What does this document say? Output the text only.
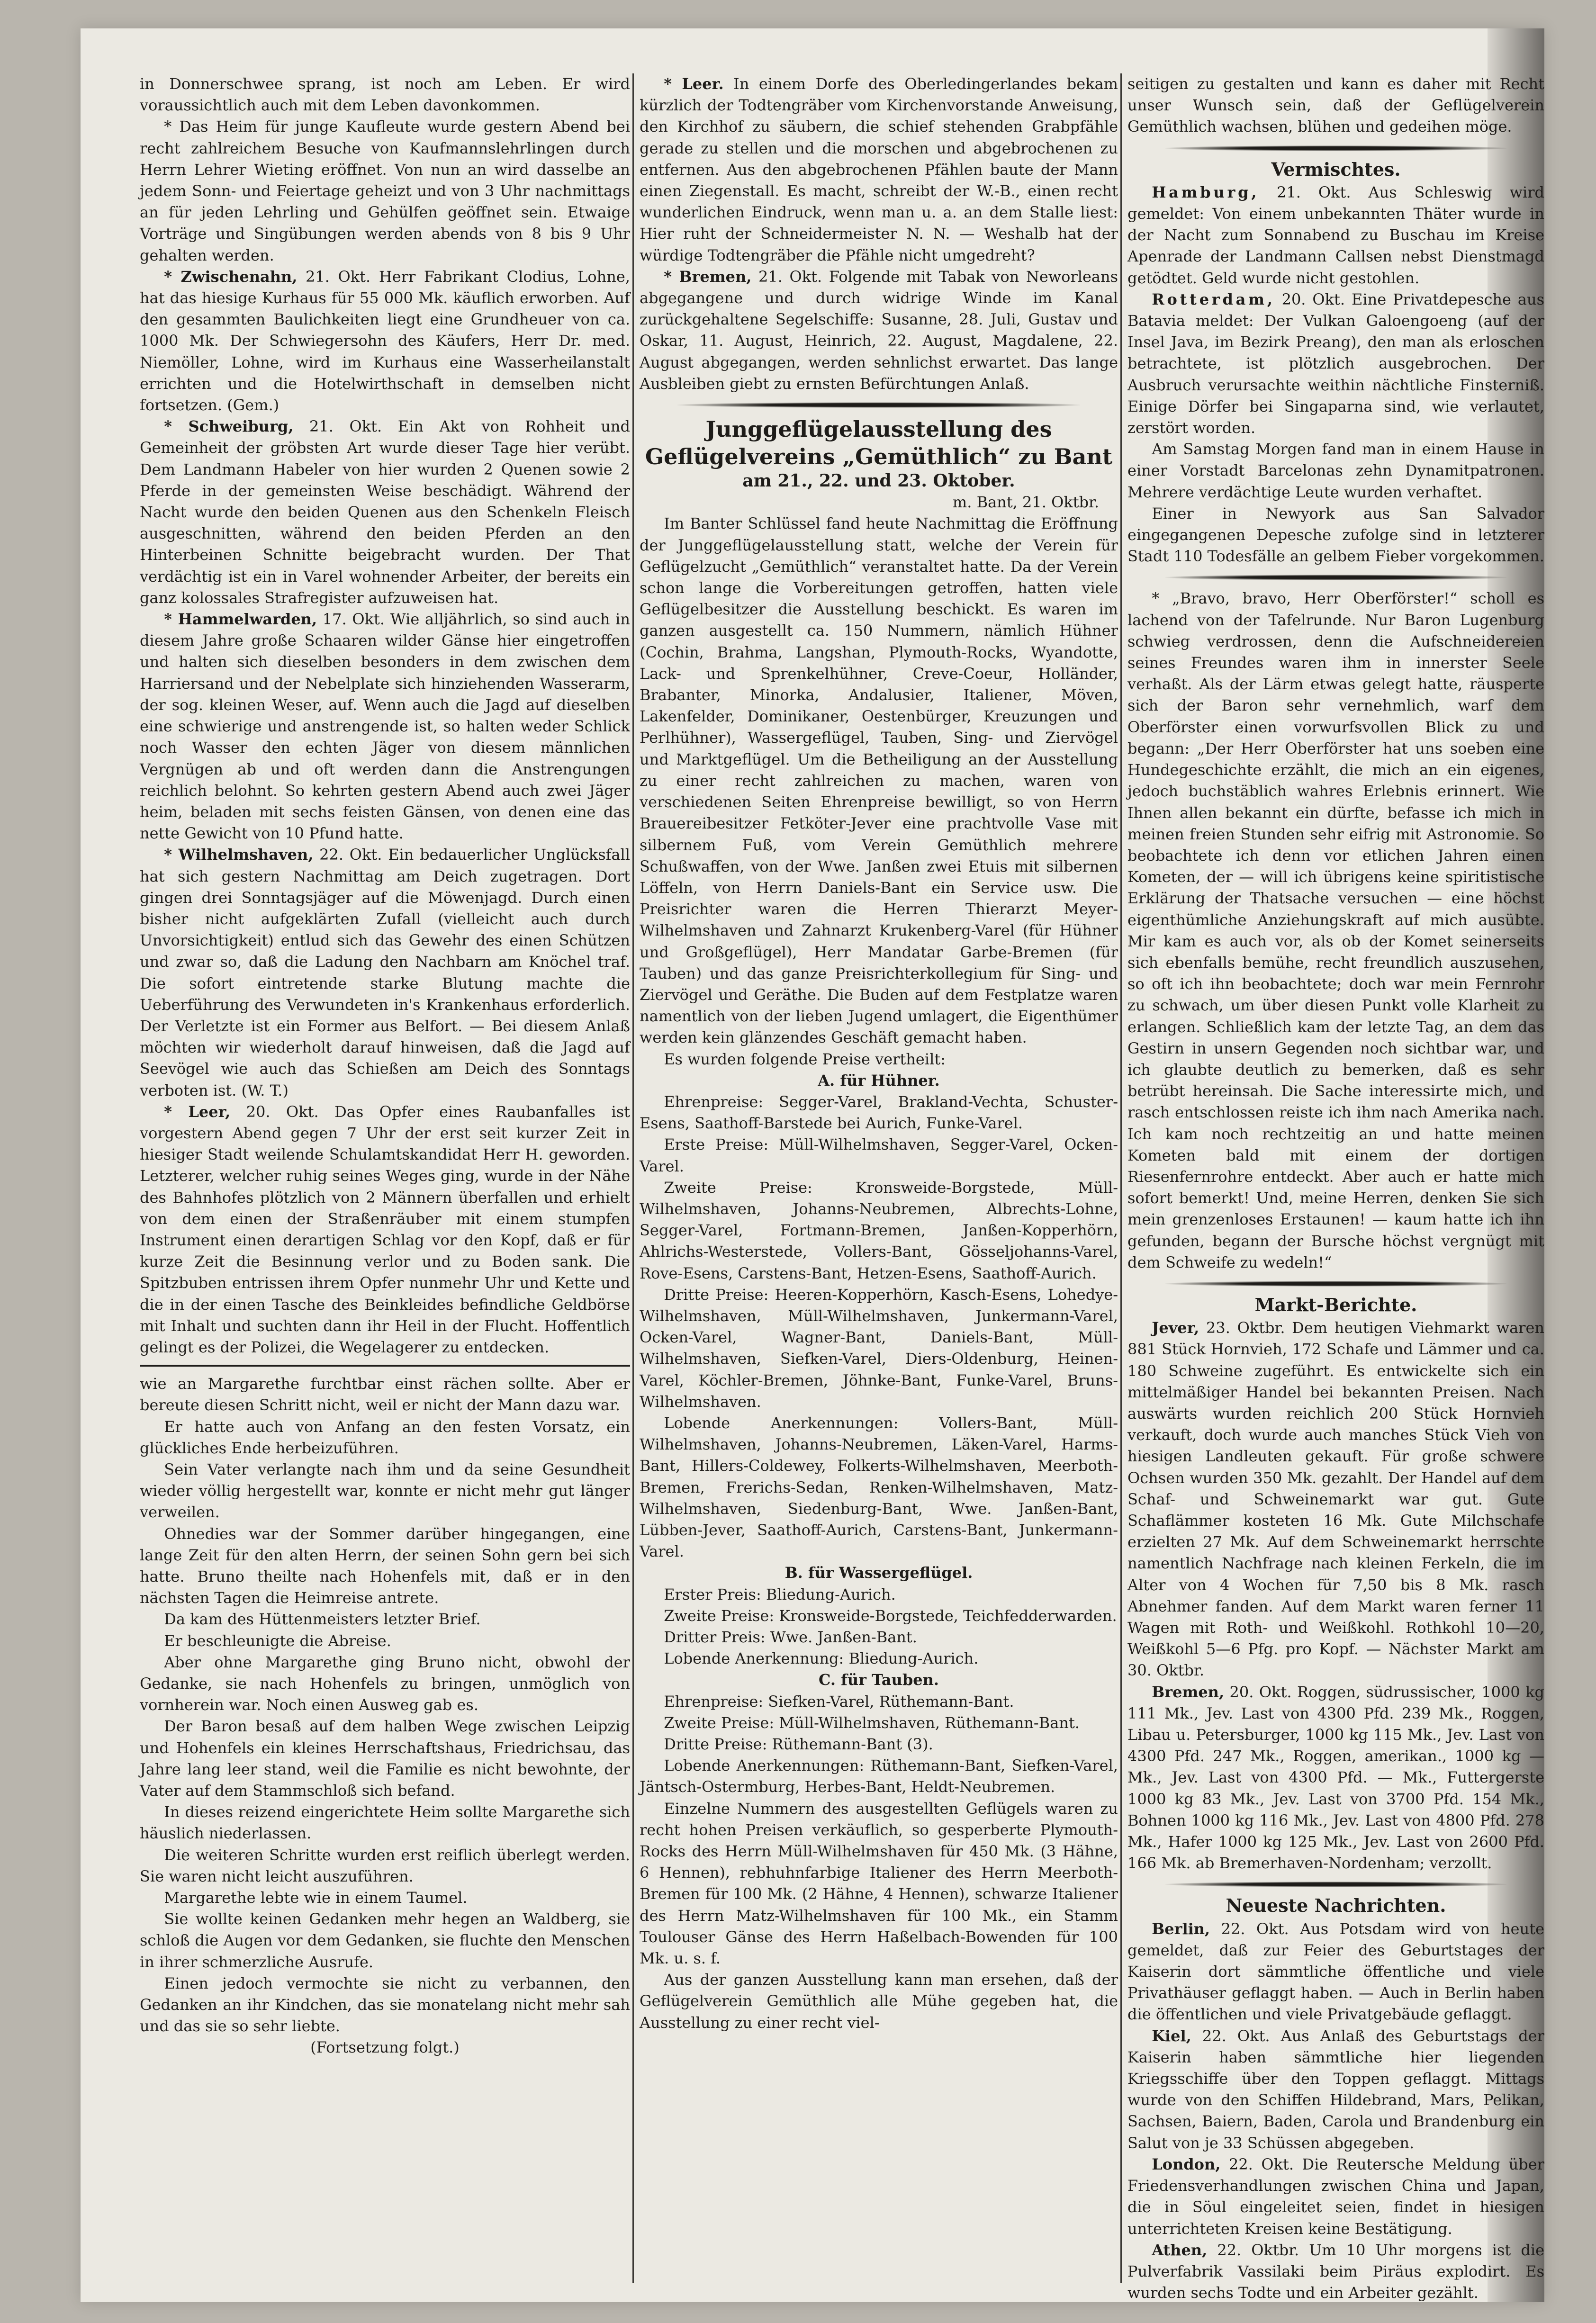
in Donnerschwee sprang, ist noch am Leben. Er wird voraussichtlich auch mit dem Leben davonkommen.

* Das Heim für junge Kaufleute wurde gestern Abend bei recht zahlreichem Besuche von Kaufmannslehrlingen durch Herrn Lehrer Wieting eröffnet. Von nun an wird dasselbe an jedem Sonn- und Feiertage geheizt und von 3 Uhr nachmittags an für jeden Lehrling und Gehülfen geöffnet sein. Etwaige Vorträge und Singübungen werden abends von 8 bis 9 Uhr gehalten werden.

* Zwischenahn, 21. Okt. Herr Fabrikant Clodius, Lohne, hat das hiesige Kurhaus für 55 000 Mk. käuflich erworben. Auf den gesammten Baulichkeiten liegt eine Grundheuer von ca. 1000 Mk. Der Schwiegersohn des Käufers, Herr Dr. med. Niemöller, Lohne, wird im Kurhaus eine Wasserheilanstalt errichten und die Hotelwirthschaft in demselben nicht fortsetzen. (Gem.)

* Schweiburg, 21. Okt. Ein Akt von Rohheit und Gemeinheit der gröbsten Art wurde dieser Tage hier verübt. Dem Landmann Habeler von hier wurden 2 Quenen sowie 2 Pferde in der gemeinsten Weise beschädigt. Während der Nacht wurde den beiden Quenen aus den Schenkeln Fleisch ausgeschnitten, während den beiden Pferden an den Hinterbeinen Schnitte beigebracht wurden. Der That verdächtig ist ein in Varel wohnender Arbeiter, der bereits ein ganz kolossales Strafregister aufzuweisen hat.

* Hammelwarden, 17. Okt. Wie alljährlich, so sind auch in diesem Jahre große Schaaren wilder Gänse hier eingetroffen und halten sich dieselben besonders in dem zwischen dem Harriersand und der Nebelplate sich hinziehenden Wasserarm, der sog. kleinen Weser, auf. Wenn auch die Jagd auf dieselben eine schwierige und anstrengende ist, so halten weder Schlick noch Wasser den echten Jäger von diesem männlichen Vergnügen ab und oft werden dann die Anstrengungen reichlich belohnt. So kehrten gestern Abend auch zwei Jäger heim, beladen mit sechs feisten Gänsen, von denen eine das nette Gewicht von 10 Pfund hatte.

* Wilhelmshaven, 22. Okt. Ein bedauerlicher Unglücksfall hat sich gestern Nachmittag am Deich zugetragen. Dort gingen drei Sonntagsjäger auf die Möwenjagd. Durch einen bisher nicht aufgeklärten Zufall (vielleicht auch durch Unvorsichtigkeit) entlud sich das Gewehr des einen Schützen und zwar so, daß die Ladung den Nachbarn am Knöchel traf. Die sofort eintretende starke Blutung machte die Ueberführung des Verwundeten in's Krankenhaus erforderlich. Der Verletzte ist ein Former aus Belfort. — Bei diesem Anlaß möchten wir wiederholt darauf hinweisen, daß die Jagd auf Seevögel wie auch das Schießen am Deich des Sonntags verboten ist. (W. T.)

* Leer, 20. Okt. Das Opfer eines Raubanfalles ist vorgestern Abend gegen 7 Uhr der erst seit kurzer Zeit in hiesiger Stadt weilende Schulamtskandidat Herr H. geworden. Letzterer, welcher ruhig seines Weges ging, wurde in der Nähe des Bahnhofes plötzlich von 2 Männern überfallen und erhielt von dem einen der Straßenräuber mit einem stumpfen Instrument einen derartigen Schlag vor den Kopf, daß er für kurze Zeit die Besinnung verlor und zu Boden sank. Die Spitzbuben entrissen ihrem Opfer nunmehr Uhr und Kette und die in der einen Tasche des Beinkleides befindliche Geldbörse mit Inhalt und suchten dann ihr Heil in der Flucht. Hoffentlich gelingt es der Polizei, die Wegelagerer zu entdecken.

wie an Margarethe furchtbar einst rächen sollte. Aber er bereute diesen Schritt nicht, weil er nicht der Mann dazu war.

Er hatte auch von Anfang an den festen Vorsatz, ein glückliches Ende herbeizuführen.

Sein Vater verlangte nach ihm und da seine Gesundheit wieder völlig hergestellt war, konnte er nicht mehr gut länger verweilen.

Ohnedies war der Sommer darüber hingegangen, eine lange Zeit für den alten Herrn, der seinen Sohn gern bei sich hatte. Bruno theilte nach Hohenfels mit, daß er in den nächsten Tagen die Heimreise antrete.

Da kam des Hüttenmeisters letzter Brief.

Er beschleunigte die Abreise.

Aber ohne Margarethe ging Bruno nicht, obwohl der Gedanke, sie nach Hohenfels zu bringen, unmöglich von vornherein war. Noch einen Ausweg gab es.

Der Baron besaß auf dem halben Wege zwischen Leipzig und Hohenfels ein kleines Herrschaftshaus, Friedrichsau, das Jahre lang leer stand, weil die Familie es nicht bewohnte, der Vater auf dem Stammschloß sich befand.

In dieses reizend eingerichtete Heim sollte Margarethe sich häuslich niederlassen.

Die weiteren Schritte wurden erst reiflich überlegt werden. Sie waren nicht leicht auszuführen.

Margarethe lebte wie in einem Taumel.

Sie wollte keinen Gedanken mehr hegen an Waldberg, sie schloß die Augen vor dem Gedanken, sie fluchte den Menschen in ihrer schmerzliche Ausrufe.

Einen jedoch vermochte sie nicht zu verbannen, den Gedanken an ihr Kindchen, das sie monatelang nicht mehr sah und das sie so sehr liebte.

(Fortsetzung folgt.)

* Leer. In einem Dorfe des Oberledingerlandes bekam kürzlich der Todtengräber vom Kirchenvorstande Anweisung, den Kirchhof zu säubern, die schief stehenden Grabpfähle gerade zu stellen und die morschen und abgebrochenen zu entfernen. Aus den abgebrochenen Pfählen baute der Mann einen Ziegenstall. Es macht, schreibt der W.-B., einen recht wunderlichen Eindruck, wenn man u. a. an dem Stalle liest: Hier ruht der Schneidermeister N. N. — Weshalb hat der würdige Todtengräber die Pfähle nicht umgedreht?

* Bremen, 21. Okt. Folgende mit Tabak von Neworleans abgegangene und durch widrige Winde im Kanal zurückgehaltene Segelschiffe: Susanne, 28. Juli, Gustav und Oskar, 11. August, Heinrich, 22. August, Magdalene, 22. August abgegangen, werden sehnlichst erwartet. Das lange Ausbleiben giebt zu ernsten Befürchtungen Anlaß.

Junggeflügelausstellung des Geflügelvereins „Gemüthlich“ zu Bant

am 21., 22. und 23. Oktober.

m. Bant, 21. Oktbr.

Im Banter Schlüssel fand heute Nachmittag die Eröffnung der Junggeflügelausstellung statt, welche der Verein für Geflügelzucht „Gemüthlich“ veranstaltet hatte. Da der Verein schon lange die Vorbereitungen getroffen, hatten viele Geflügelbesitzer die Ausstellung beschickt. Es waren im ganzen ausgestellt ca. 150 Nummern, nämlich Hühner (Cochin, Brahma, Langshan, Plymouth-Rocks, Wyandotte, Lack- und Sprenkelhühner, Creve-Coeur, Holländer, Brabanter, Minorka, Andalusier, Italiener, Möven, Lakenfelder, Dominikaner, Oestenbürger, Kreuzungen und Perlhühner), Wassergeflügel, Tauben, Sing- und Ziervögel und Marktgeflügel. Um die Betheiligung an der Ausstellung zu einer recht zahlreichen zu machen, waren von verschiedenen Seiten Ehrenpreise bewilligt, so von Herrn Brauereibesitzer Fetköter-Jever eine prachtvolle Vase mit silbernem Fuß, vom Verein Gemüthlich mehrere Schußwaffen, von der Wwe. Janßen zwei Etuis mit silbernen Löffeln, von Herrn Daniels-Bant ein Service usw. Die Preisrichter waren die Herren Thierarzt Meyer-Wilhelmshaven und Zahnarzt Krukenberg-Varel (für Hühner und Großgeflügel), Herr Mandatar Garbe-Bremen (für Tauben) und das ganze Preisrichterkollegium für Sing- und Ziervögel und Geräthe. Die Buden auf dem Festplatze waren namentlich von der lieben Jugend umlagert, die Eigenthümer werden kein glänzendes Geschäft gemacht haben.

Es wurden folgende Preise vertheilt:

A. für Hühner.

Ehrenpreise: Segger-Varel, Brakland-Vechta, Schuster-Esens, Saathoff-Barstede bei Aurich, Funke-Varel.

Erste Preise: Müll-Wilhelmshaven, Segger-Varel, Ocken-Varel.

Zweite Preise: Kronsweide-Borgstede, Müll-Wilhelmshaven, Johanns-Neubremen, Albrechts-Lohne, Segger-Varel, Fortmann-Bremen, Janßen-Kopperhörn, Ahlrichs-Westerstede, Vollers-Bant, Gösseljohanns-Varel, Rove-Esens, Carstens-Bant, Hetzen-Esens, Saathoff-Aurich.

Dritte Preise: Heeren-Kopperhörn, Kasch-Esens, Lohedye-Wilhelmshaven, Müll-Wilhelmshaven, Junkermann-Varel, Ocken-Varel, Wagner-Bant, Daniels-Bant, Müll-Wilhelmshaven, Siefken-Varel, Diers-Oldenburg, Heinen-Varel, Köchler-Bremen, Jöhnke-Bant, Funke-Varel, Bruns-Wilhelmshaven.

Lobende Anerkennungen: Vollers-Bant, Müll-Wilhelmshaven, Johanns-Neubremen, Läken-Varel, Harms-Bant, Hillers-Coldewey, Folkerts-Wilhelmshaven, Meerboth-Bremen, Frerichs-Sedan, Renken-Wilhelmshaven, Matz-Wilhelmshaven, Siedenburg-Bant, Wwe. Janßen-Bant, Lübben-Jever, Saathoff-Aurich, Carstens-Bant, Junkermann-Varel.

B. für Wassergeflügel.

Erster Preis: Bliedung-Aurich.

Zweite Preise: Kronsweide-Borgstede, Teichfedderwarden.

Dritter Preis: Wwe. Janßen-Bant.

Lobende Anerkennung: Bliedung-Aurich.

C. für Tauben.

Ehrenpreise: Siefken-Varel, Rüthemann-Bant.

Zweite Preise: Müll-Wilhelmshaven, Rüthemann-Bant.

Dritte Preise: Rüthemann-Bant (3).

Lobende Anerkennungen: Rüthemann-Bant, Siefken-Varel, Jäntsch-Ostermburg, Herbes-Bant, Heldt-Neubremen.

Einzelne Nummern des ausgestellten Geflügels waren zu recht hohen Preisen verkäuflich, so gesperberte Plymouth-Rocks des Herrn Müll-Wilhelmshaven für 450 Mk. (3 Hähne, 6 Hennen), rebhuhnfarbige Italiener des Herrn Meerboth-Bremen für 100 Mk. (2 Hähne, 4 Hennen), schwarze Italiener des Herrn Matz-Wilhelmshaven für 100 Mk., ein Stamm Toulouser Gänse des Herrn Haßelbach-Bowenden für 100 Mk. u. s. f.

Aus der ganzen Ausstellung kann man ersehen, daß der Geflügelverein Gemüthlich alle Mühe gegeben hat, die Ausstellung zu einer recht viel-

seitigen zu gestalten und kann es daher mit Recht unser Wunsch sein, daß der Geflügelverein Gemüthlich wachsen, blühen und gedeihen möge.

Vermischtes.

Hamburg, 21. Okt. Aus Schleswig wird gemeldet: Von einem unbekannten Thäter wurde in der Nacht zum Sonnabend zu Buschau im Kreise Apenrade der Landmann Callsen nebst Dienstmagd getödtet. Geld wurde nicht gestohlen.

Rotterdam, 20. Okt. Eine Privatdepesche aus Batavia meldet: Der Vulkan Galoengoeng (auf der Insel Java, im Bezirk Preang), den man als erloschen betrachtete, ist plötzlich ausgebrochen. Der Ausbruch verursachte weithin nächtliche Finsterniß. Einige Dörfer bei Singaparna sind, wie verlautet, zerstört worden.

Am Samstag Morgen fand man in einem Hause in einer Vorstadt Barcelonas zehn Dynamitpatronen. Mehrere verdächtige Leute wurden verhaftet.

Einer in Newyork aus San Salvador eingegangenen Depesche zufolge sind in letzterer Stadt 110 Todesfälle an gelbem Fieber vorgekommen.

* „Bravo, bravo, Herr Oberförster!“ scholl es lachend von der Tafelrunde. Nur Baron Lugenburg schwieg verdrossen, denn die Aufschneidereien seines Freundes waren ihm in innerster Seele verhaßt. Als der Lärm etwas gelegt hatte, räusperte sich der Baron sehr vernehmlich, warf dem Oberförster einen vorwurfsvollen Blick zu und begann: „Der Herr Oberförster hat uns soeben eine Hundegeschichte erzählt, die mich an ein eigenes, jedoch buchstäblich wahres Erlebnis erinnert. Wie Ihnen allen bekannt ein dürfte, befasse ich mich in meinen freien Stunden sehr eifrig mit Astronomie. So beobachtete ich denn vor etlichen Jahren einen Kometen, der — will ich übrigens keine spiritistische Erklärung der Thatsache versuchen — eine höchst eigenthümliche Anziehungskraft auf mich ausübte. Mir kam es auch vor, als ob der Komet seinerseits sich ebenfalls bemühe, recht freundlich auszusehen, so oft ich ihn beobachtete; doch war mein Fernrohr zu schwach, um über diesen Punkt volle Klarheit zu erlangen. Schließlich kam der letzte Tag, an dem das Gestirn in unsern Gegenden noch sichtbar war, und ich glaubte deutlich zu bemerken, daß es sehr betrübt hereinsah. Die Sache interessirte mich, und rasch entschlossen reiste ich ihm nach Amerika nach. Ich kam noch rechtzeitig an und hatte meinen Kometen bald mit einem der dortigen Riesenfernrohre entdeckt. Aber auch er hatte mich sofort bemerkt! Und, meine Herren, denken Sie sich mein grenzenloses Erstaunen! — kaum hatte ich ihn gefunden, begann der Bursche höchst vergnügt mit dem Schweife zu wedeln!“

Markt-Berichte.

Jever, 23. Oktbr. Dem heutigen Viehmarkt waren 881 Stück Hornvieh, 172 Schafe und Lämmer und ca. 180 Schweine zugeführt. Es entwickelte sich ein mittelmäßiger Handel bei bekannten Preisen. Nach auswärts wurden reichlich 200 Stück Hornvieh verkauft, doch wurde auch manches Stück Vieh von hiesigen Landleuten gekauft. Für große schwere Ochsen wurden 350 Mk. gezahlt. Der Handel auf dem Schaf- und Schweinemarkt war gut. Gute Schaflämmer kosteten 16 Mk. Gute Milchschafe erzielten 27 Mk. Auf dem Schweinemarkt herrschte namentlich Nachfrage nach kleinen Ferkeln, die im Alter von 4 Wochen für 7,50 bis 8 Mk. rasch Abnehmer fanden. Auf dem Markt waren ferner 11 Wagen mit Roth- und Weißkohl. Rothkohl 10—20, Weißkohl 5—6 Pfg. pro Kopf. — Nächster Markt am 30. Oktbr.

Bremen, 20. Okt. Roggen, südrussischer, 1000 kg 111 Mk., Jev. Last von 4300 Pfd. 239 Mk., Roggen, Libau u. Petersburger, 1000 kg 115 Mk., Jev. Last von 4300 Pfd. 247 Mk., Roggen, amerikan., 1000 kg — Mk., Jev. Last von 4300 Pfd. — Mk., Futtergerste 1000 kg 83 Mk., Jev. Last von 3700 Pfd. 154 Mk., Bohnen 1000 kg 116 Mk., Jev. Last von 4800 Pfd. 278 Mk., Hafer 1000 kg 125 Mk., Jev. Last von 2600 Pfd. 166 Mk. ab Bremerhaven-Nordenham; verzollt.

Neueste Nachrichten.

Berlin, 22. Okt. Aus Potsdam wird von heute gemeldet, daß zur Feier des Geburtstages der Kaiserin dort sämmtliche öffentliche und viele Privathäuser geflaggt haben. — Auch in Berlin haben die öffentlichen und viele Privatgebäude geflaggt.

Kiel, 22. Okt. Aus Anlaß des Geburtstags der Kaiserin haben sämmtliche hier liegenden Kriegsschiffe über den Toppen geflaggt. Mittags wurde von den Schiffen Hildebrand, Mars, Pelikan, Sachsen, Baiern, Baden, Carola und Brandenburg ein Salut von je 33 Schüssen abgegeben.

London, 22. Okt. Die Reutersche Meldung über Friedensverhandlungen zwischen China und Japan, die in Söul eingeleitet seien, findet in hiesigen unterrichteten Kreisen keine Bestätigung.

Athen, 22. Oktbr. Um 10 Uhr morgens ist die Pulverfabrik Vassilaki beim Piräus explodirt. Es wurden sechs Todte und ein Arbeiter gezählt.
